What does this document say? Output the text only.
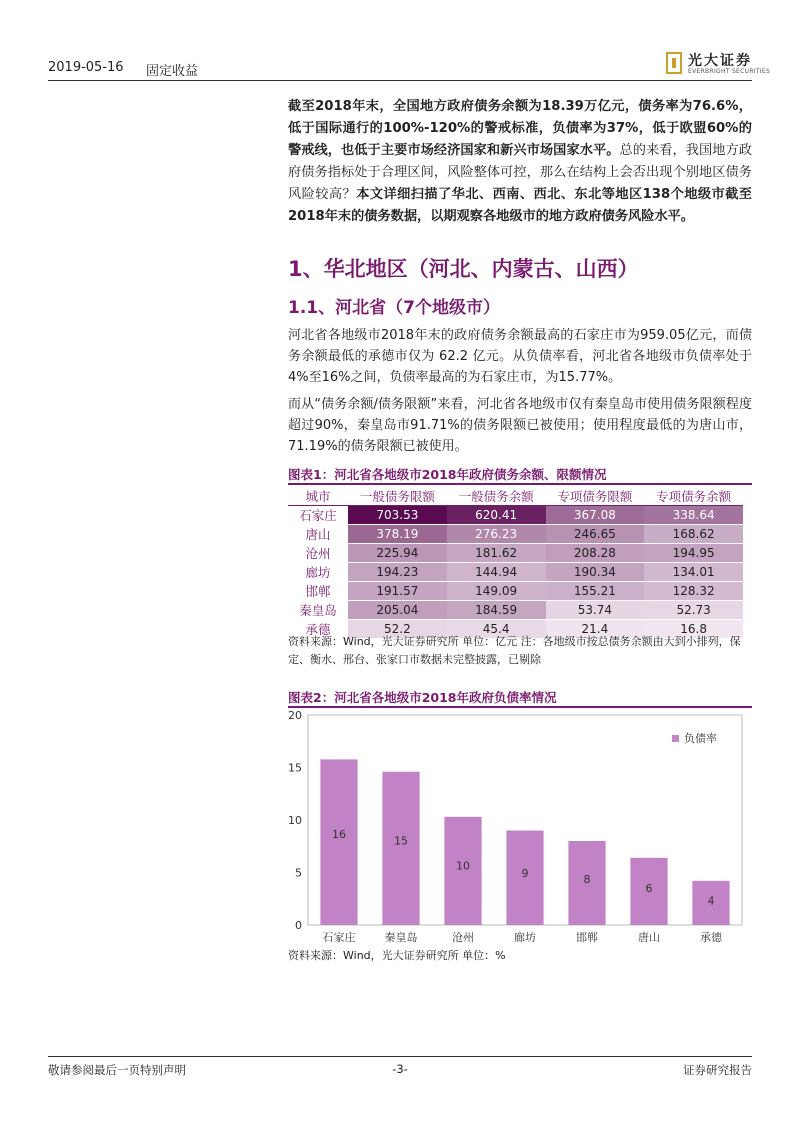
2019-05-16 固定收益
光大证券
EVERBRIGHT SECURITIES
截至2018年末，全国地方政府债务余额为18.39万亿元，债务率为76.6%，低于国际通行的100%-120%的警戒标准，负债率为37%，低于欧盟60%的警戒线，也低于主要市场经济国家和新兴市场国家水平。总的来看，我国地方政府债务指标处于合理区间，风险整体可控，那么在结构上会否出现个别地区债务风险较高？本文详细扫描了华北、西南、西北、东北等地区138个地级市截至2018年末的债务数据，以期观察各地级市的地方政府债务风险水平。
1、华北地区（河北、内蒙古、山西）
1.1、河北省（7个地级市）
河北省各地级市2018年末的政府债务余额最高的石家庄市为959.05亿元，而债务余额最低的承德市仅为 62.2 亿元。从负债率看，河北省各地级市负债率处于4%至16%之间，负债率最高的为石家庄市，为15.77%。
而从“债务余额/债务限额”来看，河北省各地级市仅有秦皇岛市使用债务限额程度超过90%，秦皇岛市91.71%的债务限额已被使用；使用程度最低的为唐山市，71.19%的债务限额已被使用。
图表1：河北省各地级市2018年政府债务余额、限额情况
城市	一般债务限额	一般债务余额	专项债务限额	专项债务余额
石家庄	703.53	620.41	367.08	338.64
唐山	378.19	276.23	246.65	168.62
沧州	225.94	181.62	208.28	194.95
廊坊	194.23	144.94	190.34	134.01
邯郸	191.57	149.09	155.21	128.32
秦皇岛	205.04	184.59	53.74	52.73
承德	52.2	45.4	21.4	16.8
资料来源：Wind，光大证券研究所 单位：亿元 注：各地级市按总债务余额由大到小排列，保定、衡水、邢台、张家口市数据未完整披露，已剔除
图表2：河北省各地级市2018年政府负债率情况
0
5
10
15
20
16
石家庄
15
秦皇岛
10
沧州
9
廊坊
8
邯郸
6
唐山
4
承德
负债率
资料来源：Wind，光大证券研究所 单位：%
敬请参阅最后一页特别声明	-3-	证券研究报告
